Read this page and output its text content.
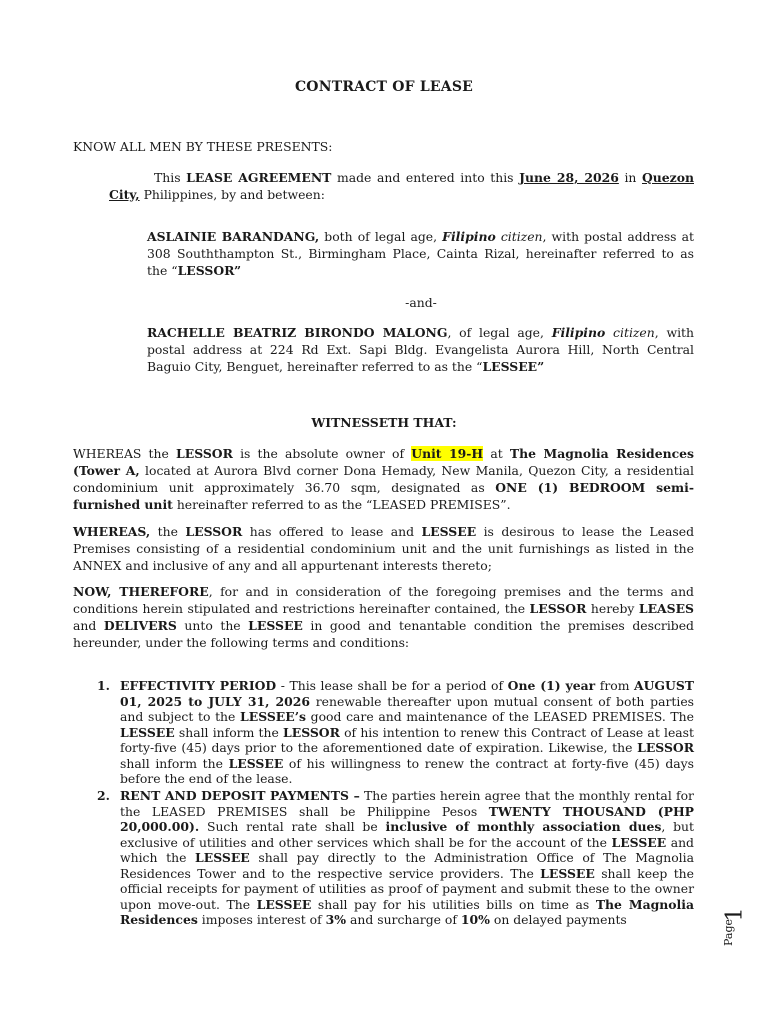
CONTRACT OF LEASE

KNOW ALL MEN BY THESE PRESENTS:

This LEASE AGREEMENT made and entered into this June 28, 2026 in Quezon City, Philippines, by and between:

ASLAINIE BARANDANG, both of legal age, Filipino citizen, with postal address at 308 Souththampton St., Birmingham Place, Cainta Rizal, hereinafter referred to as the “LESSOR”

-and-

RACHELLE BEATRIZ BIRONDO MALONG, of legal age, Filipino citizen, with postal address at 224 Rd Ext. Sapi Bldg. Evangelista Aurora Hill, North Central Baguio City, Benguet, hereinafter referred to as the “LESSEE”

WITNESSETH THAT:

WHEREAS the LESSOR is the absolute owner of Unit 19-H at The Magnolia Residences (Tower A, located at Aurora Blvd corner Dona Hemady, New Manila, Quezon City, a residential condominium unit approximately 36.70 sqm, designated as ONE (1) BEDROOM semi-furnished unit hereinafter referred to as the “LEASED PREMISES”.

WHEREAS, the LESSOR has offered to lease and LESSEE is desirous to lease the Leased Premises consisting of a residential condominium unit and the unit furnishings as listed in the ANNEX and inclusive of any and all appurtenant interests thereto;

NOW, THEREFORE, for and in consideration of the foregoing premises and the terms and conditions herein stipulated and restrictions hereinafter contained, the LESSOR hereby LEASES and DELIVERS unto the LESSEE in good and tenantable condition the premises described hereunder, under the following terms and conditions:

1. EFFECTIVITY PERIOD - This lease shall be for a period of One (1) year from AUGUST 01, 2025 to JULY 31, 2026 renewable thereafter upon mutual consent of both parties and subject to the LESSEE’s good care and maintenance of the LEASED PREMISES. The LESSEE shall inform the LESSOR of his intention to renew this Contract of Lease at least forty-five (45) days prior to the aforementioned date of expiration. Likewise, the LESSOR shall inform the LESSEE of his willingness to renew the contract at forty-five (45) days before the end of the lease.

2. RENT AND DEPOSIT PAYMENTS – The parties herein agree that the monthly rental for the LEASED PREMISES shall be Philippine Pesos TWENTY THOUSAND (PHP 20,000.00). Such rental rate shall be inclusive of monthly association dues, but exclusive of utilities and other services which shall be for the account of the LESSEE and which the LESSEE shall pay directly to the Administration Office of The Magnolia Residences Tower and to the respective service providers. The LESSEE shall keep the official receipts for payment of utilities as proof of payment and submit these to the owner upon move-out. The LESSEE shall pay for his utilities bills on time as The Magnolia Residences imposes interest of 3% and surcharge of 10% on delayed payments	Page
1
